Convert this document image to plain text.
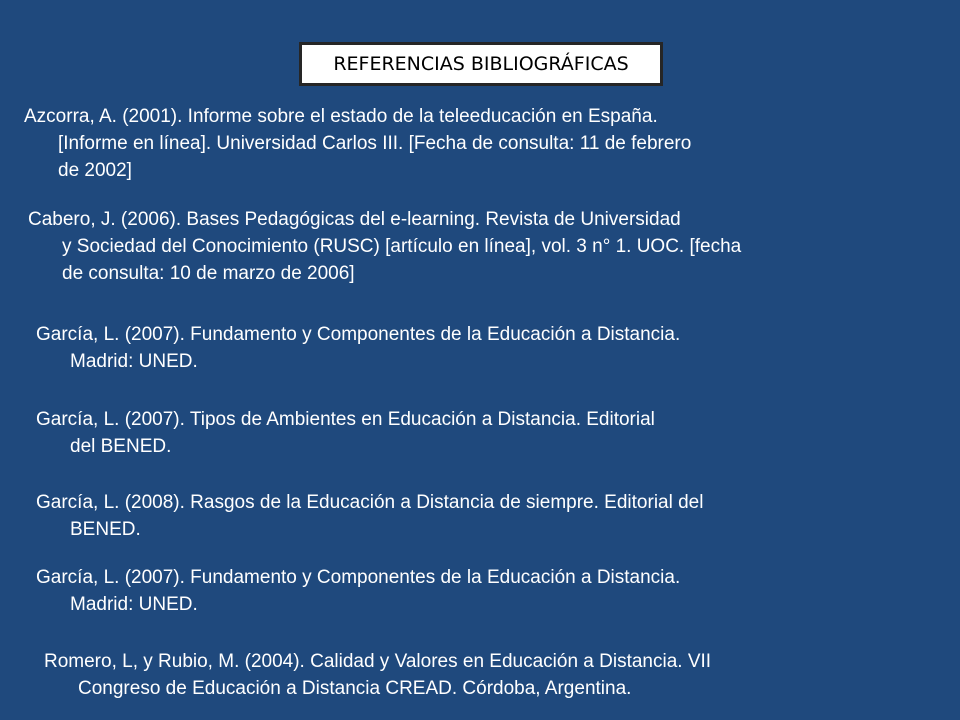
REFERENCIAS BIBLIOGRÁFICAS

Azcorra, A. (2001). Informe sobre el estado de la teleeducación en España.
[Informe en línea]. Universidad Carlos III. [Fecha de consulta: 11 de febrero
de 2002]

Cabero, J. (2006). Bases Pedagógicas del e-learning. Revista de Universidad
y Sociedad del Conocimiento (RUSC) [artículo en línea], vol. 3 n° 1. UOC. [fecha
de consulta: 10 de marzo de 2006]

García, L. (2007). Fundamento y Componentes de la Educación a Distancia.
Madrid: UNED.

García, L. (2007). Tipos de Ambientes en Educación a Distancia. Editorial
del BENED.

García, L. (2008). Rasgos de la Educación a Distancia de siempre. Editorial del
BENED.

García, L. (2007). Fundamento y Componentes de la Educación a Distancia.
Madrid: UNED.

Romero, L, y Rubio, M. (2004). Calidad y Valores en Educación a Distancia. VII
Congreso de Educación a Distancia CREAD. Córdoba, Argentina.
